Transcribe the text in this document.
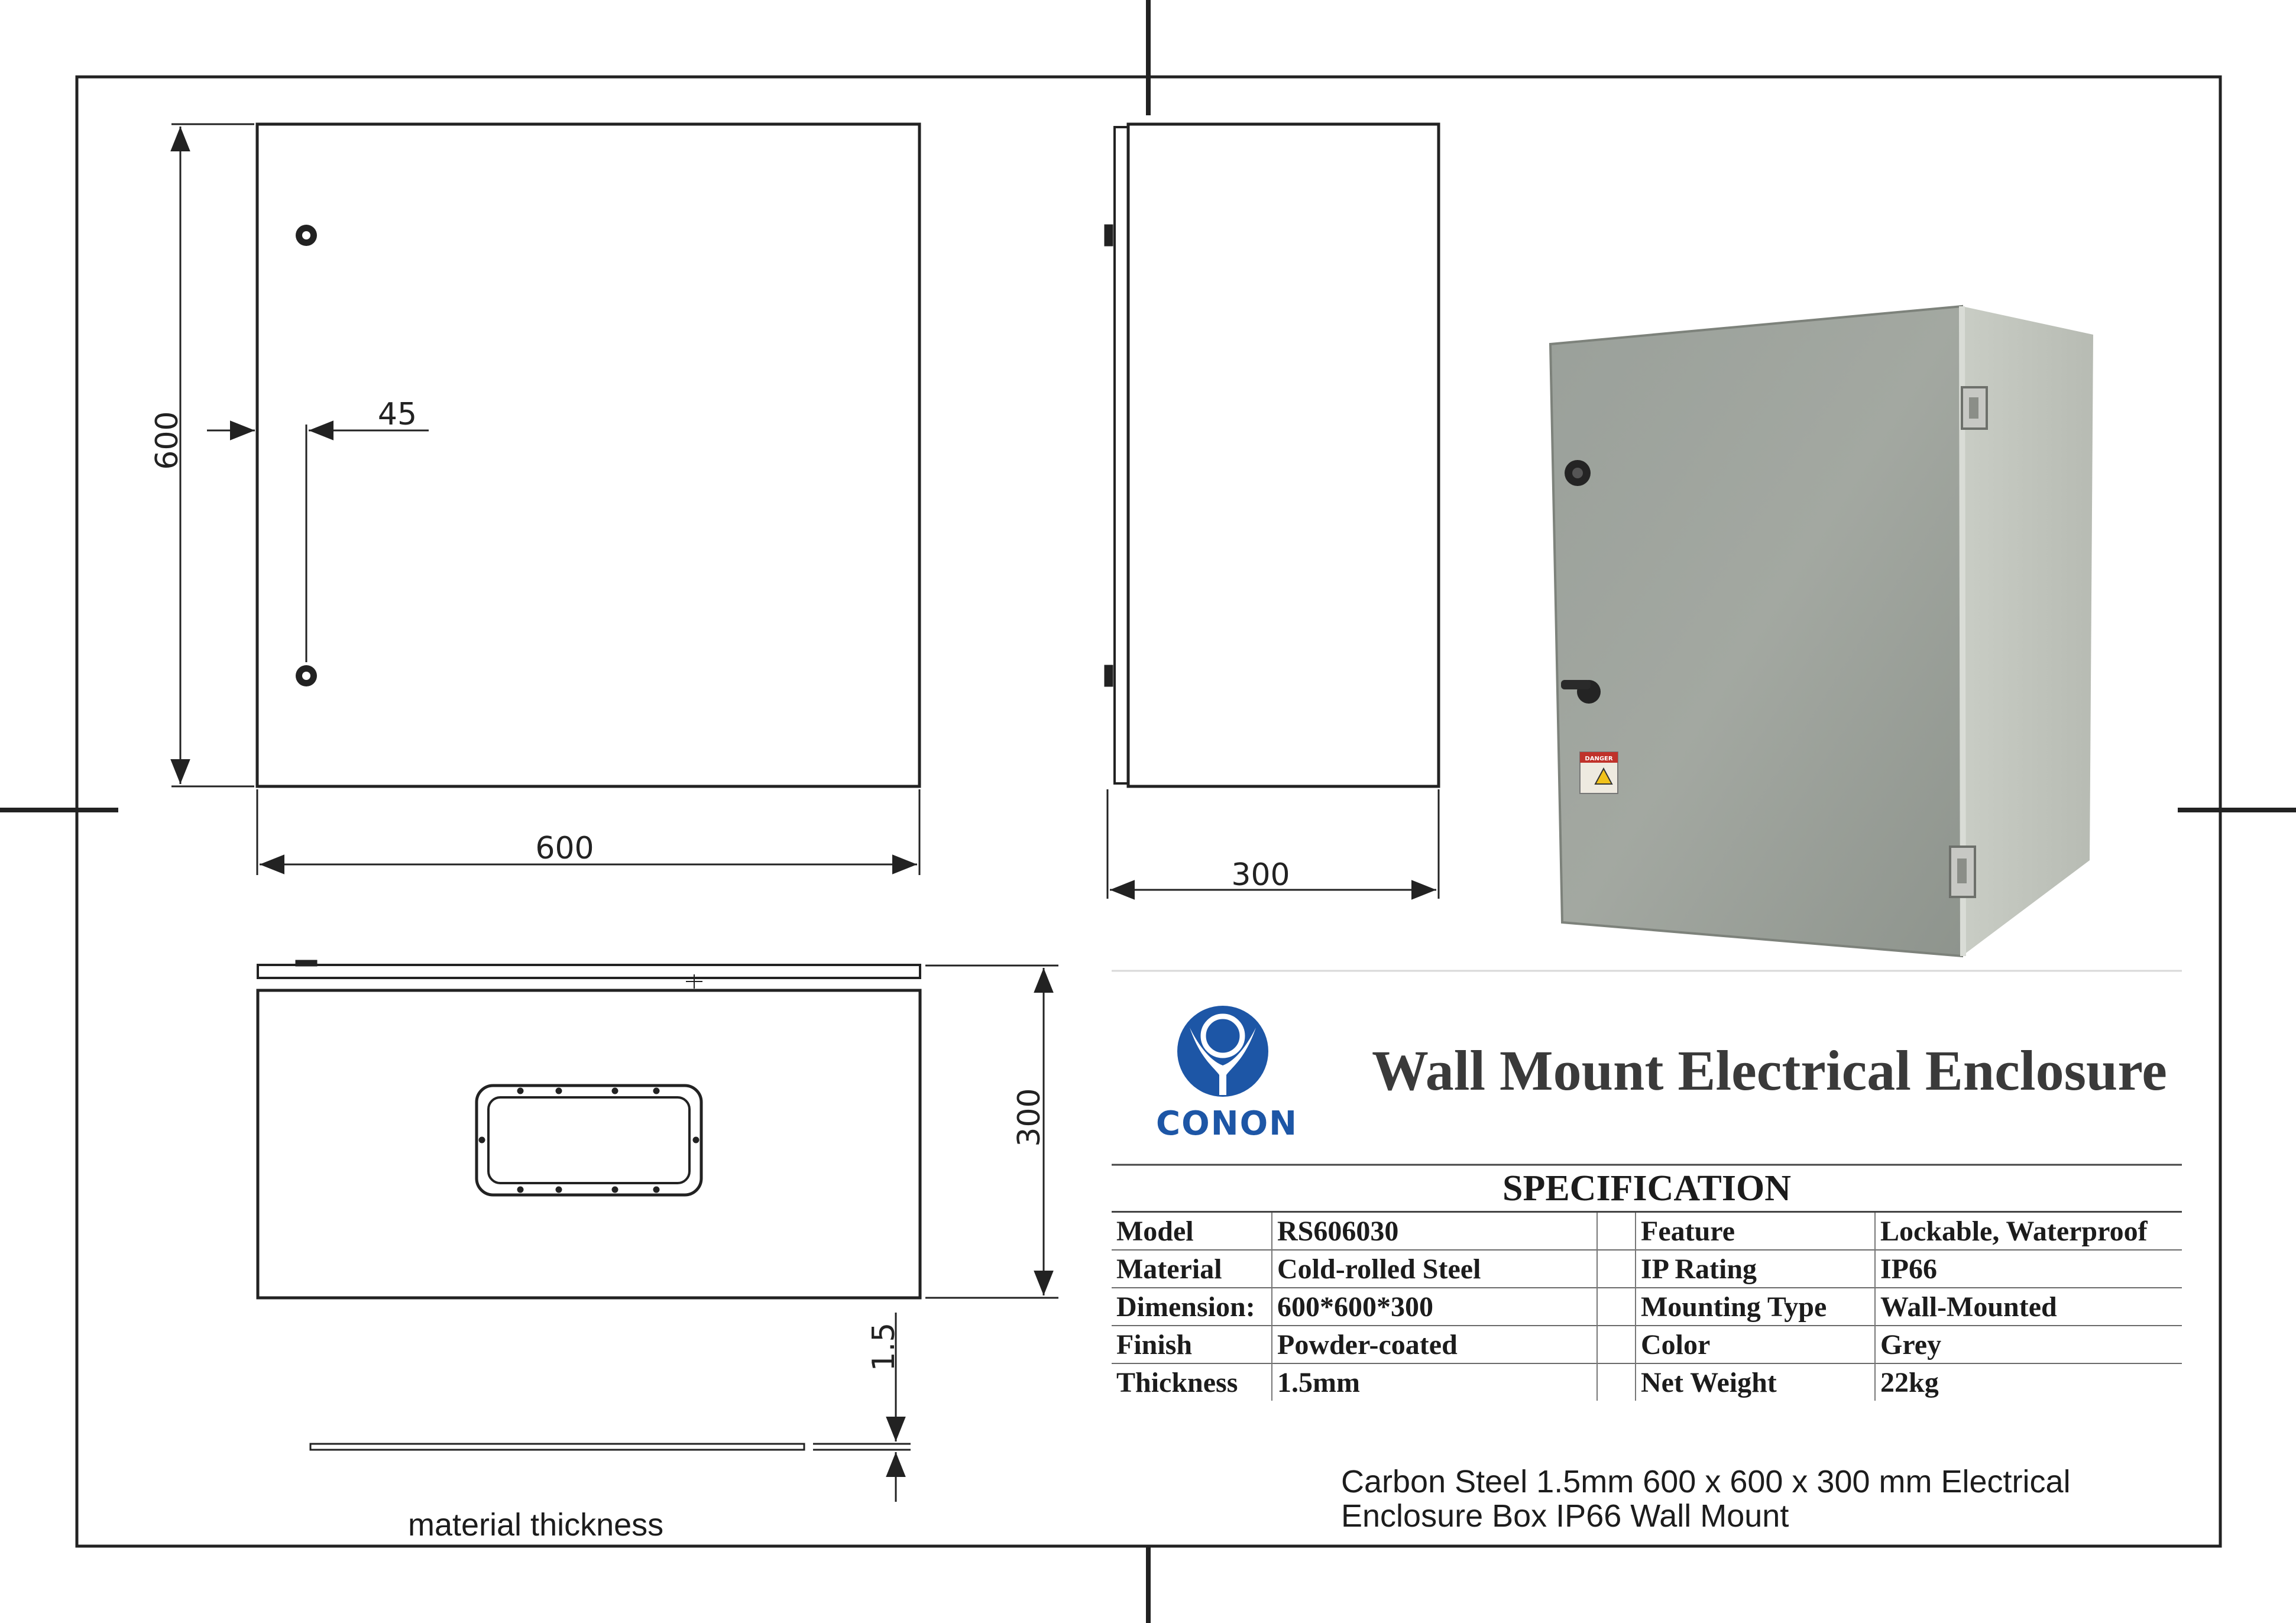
600
600
45
300
300
1.5
DANGER
CONON
Wall Mount Electrical Enclosure
SPECIFICATION
Model	RS606030		Feature	Lockable, Waterproof
Material	Cold-rolled Steel		IP Rating	IP66
Dimension:	600*600*300		Mounting Type	Wall-Mounted
Finish	Powder-coated		Color	Grey
Thickness	1.5mm		Net Weight	22kg
Carbon Steel 1.5mm 600 x 600 x 300 mm Electrical
Enclosure Box IP66 Wall Mount
material thickness
